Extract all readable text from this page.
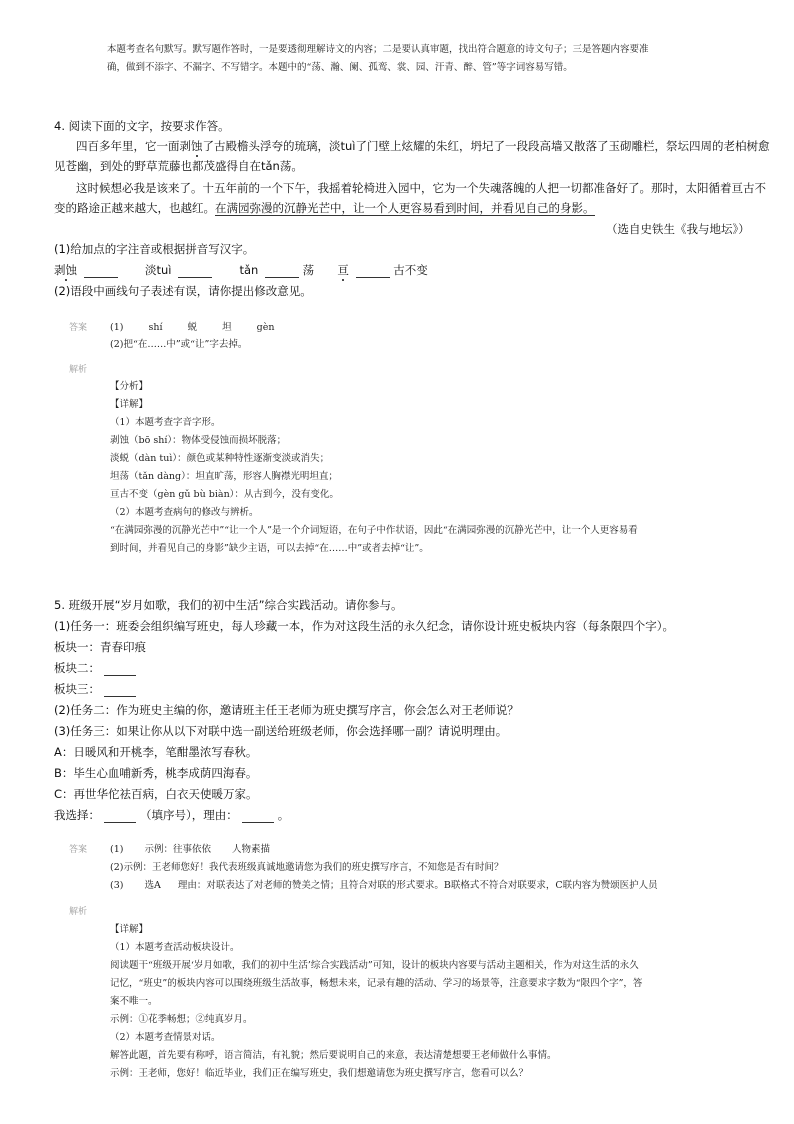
本题考查名句默写。默写题作答时，一是要透彻理解诗文的内容；二是要认真审题，找出符合题意的诗文句子；三是答题内容要准
确，做到不添字、不漏字、不写错字。本题中的“荡、瀚、阑、孤鸾、裳、园、汗青、醉、管”等字词容易写错。
4. 阅读下面的文字，按要求作答。
四百多年里，它一面剥蚀了古殿檐头浮夸的琉璃，淡tuì了门壁上炫耀的朱红，坍圮了一段段高墙又散落了玉砌雕栏，祭坛四周的老柏树愈
见苍幽，到处的野草荒藤也都茂盛得自在tǎn荡。
这时候想必我是该来了。十五年前的一个下午，我摇着轮椅进入园中，它为一个失魂落魄的人把一切都准备好了。那时，太阳循着亘古不
变的路途正越来越大，也越红。在满园弥漫的沉静光芒中，让一个人更容易看到时间，并看见自己的身影。
（选自史铁生《我与地坛》）
(1)给加点的字注音或根据拼音写汉字。
剥蚀	淡tuì	tǎn	荡 亘	古不变
(2)语段中画线句子表述有误，请你提出修改意见。
答案 (1)	shí	蜕	坦	gèn
(2)把“在……中”或“让”字去掉。
解析
【分析】
【详解】
（1）本题考查字音字形。
剥蚀（bō shí）：物体受侵蚀而损坏脱落；
淡蜕（dàn tuì）：颜色或某种特性逐渐变淡或消失；
坦荡（tǎn dàng）：坦直旷荡，形容人胸襟光明坦直；
亘古不变（gèn gǔ bù biàn）：从古到今，没有变化。
（2）本题考查病句的修改与辨析。
“在满园弥漫的沉静光芒中”“让一个人”是一个介词短语，在句子中作状语，因此“在满园弥漫的沉静光芒中，让一个人更容易看
到时间，并看见自己的身影”缺少主语，可以去掉“在……中”或者去掉“让”。
5. 班级开展“岁月如歌，我们的初中生活”综合实践活动。请你参与。
(1)任务一：班委会组织编写班史，每人珍藏一本，作为对这段生活的永久纪念，请你设计班史板块内容（每条限四个字）。
板块一：青春印痕
板块二：
板块三：
(2)任务二：作为班史主编的你，邀请班主任王老师为班史撰写序言，你会怎么对王老师说？
(3)任务三：如果让你从以下对联中选一副送给班级老师，你会选择哪一副？请说明理由。
A：日暖风和开桃李，笔酣墨浓写春秋。
B：毕生心血哺新秀，桃李成荫四海春。
C：再世华佗祛百病，白衣天使暖万家。
我选择：	（填序号），理由：	。
答案 (1) 示例：往事依依 人物素描
(2)示例：王老师您好！我代表班级真诚地邀请您为我们的班史撰写序言，不知您是否有时间？
(3) 选A 理由：对联表达了对老师的赞美之情；且符合对联的形式要求。B联格式不符合对联要求，C联内容为赞颂医护人员
解析
【详解】
（1）本题考查活动板块设计。
阅读题干“班级开展‘岁月如歌，我们的初中生活’综合实践活动”可知，设计的板块内容要与活动主题相关，作为对这生活的永久
记忆，“班史”的板块内容可以围绕班级生活故事，畅想未来，记录有趣的活动、学习的场景等，注意要求字数为“限四个字”，答
案不唯一。
示例：①花季畅想；②纯真岁月。
（2）本题考查情景对话。
解答此题，首先要有称呼，语言简洁，有礼貌；然后要说明自己的来意，表达清楚想要王老师做什么事情。
示例：王老师，您好！临近毕业，我们正在编写班史，我们想邀请您为班史撰写序言，您看可以么？
